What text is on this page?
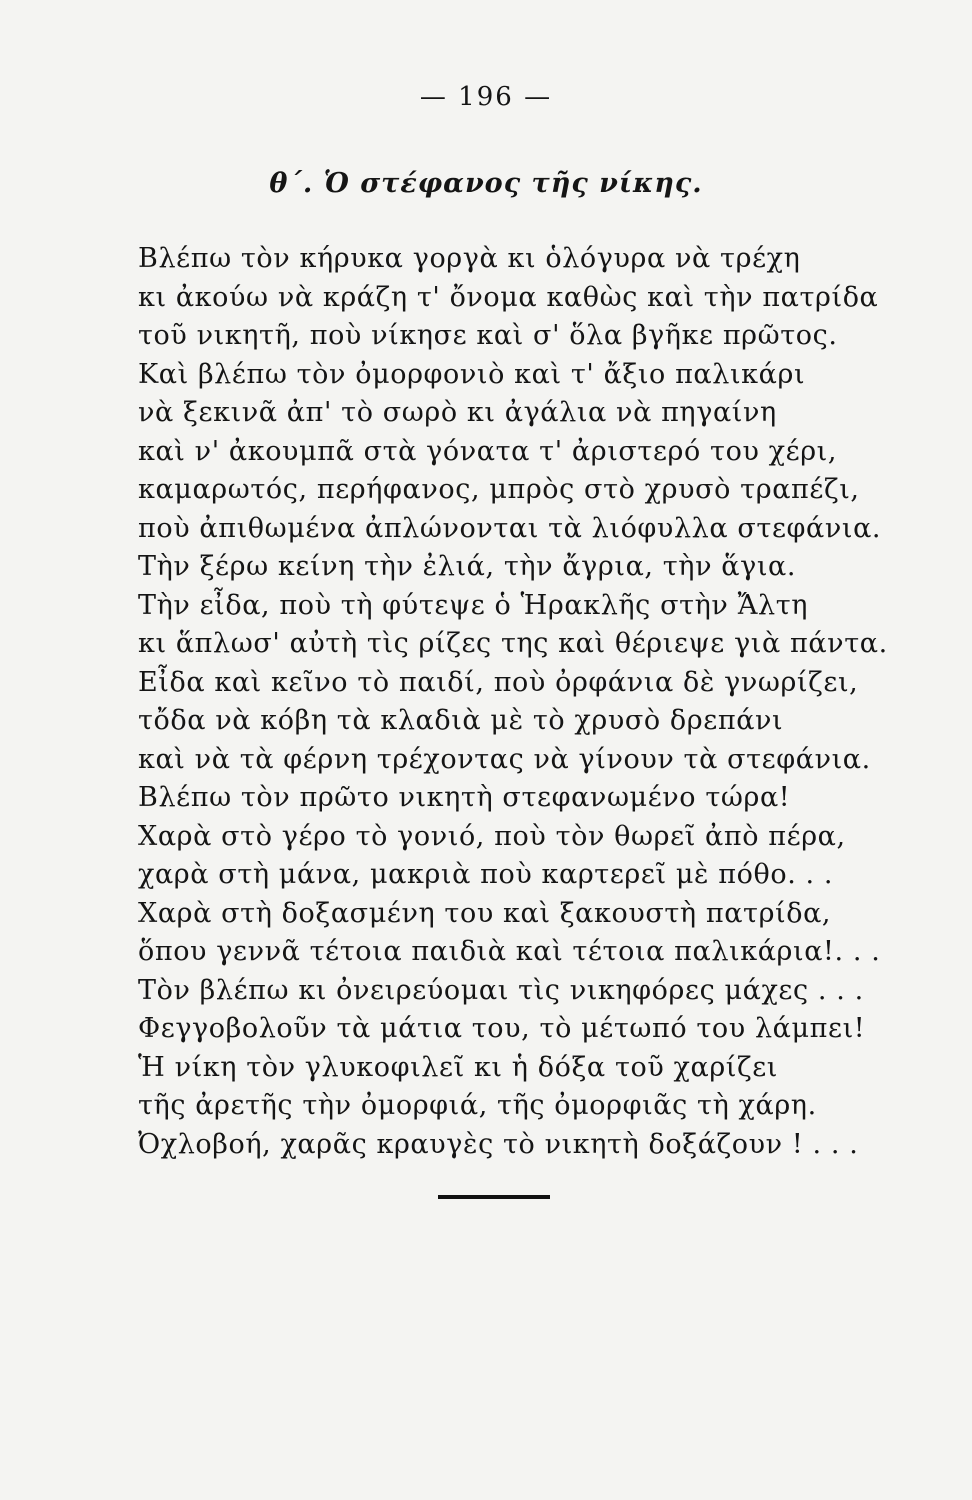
— 196 —
θ΄. Ὁ στέφανος τῆς νίκης.
Βλέπω τὸν κήρυκα γοργὰ κι ὁλόγυρα νὰ τρέχη
κι ἀκούω νὰ κράζη τ' ὄνομα καθὼς καὶ τὴν πατρίδα
τοῦ νικητῆ, ποὺ νίκησε καὶ σ' ὅλα βγῆκε πρῶτος.
Καὶ βλέπω τὸν ὀμορφονιὸ καὶ τ' ἄξιο παλικάρι
νὰ ξεκινᾶ ἀπ' τὸ σωρὸ κι ἀγάλια νὰ πηγαίνη
καὶ ν' ἀκουμπᾶ στὰ γόνατα τ' ἀριστερό του χέρι,
καμαρωτός, περήφανος, μπρὸς στὸ χρυσὸ τραπέζι,
ποὺ ἀπιθωμένα ἀπλώνονται τὰ λιόφυλλα στεφάνια.
Τὴν ξέρω κείνη τὴν ἐλιά, τὴν ἄγρια, τὴν ἅγια.
Τὴν εἶδα, ποὺ τὴ φύτεψε ὁ Ἡρακλῆς στὴν Ἄλτη
κι ἅπλωσ' αὐτὴ τὶς ρίζες της καὶ θέριεψε γιὰ πάντα.
Εἶδα καὶ κεῖνο τὸ παιδί, ποὺ ὀρφάνια δὲ γνωρίζει,
τὄδα νὰ κόβη τὰ κλαδιὰ μὲ τὸ χρυσὸ δρεπάνι
καὶ νὰ τὰ φέρνη τρέχοντας νὰ γίνουν τὰ στεφάνια.
Βλέπω τὸν πρῶτο νικητὴ στεφανωμένο τώρα!
Χαρὰ στὸ γέρο τὸ γονιό, ποὺ τὸν θωρεῖ ἀπὸ πέρα,
χαρὰ στὴ μάνα, μακριὰ ποὺ καρτερεῖ μὲ πόθο. . .
Χαρὰ στὴ δοξασμένη του καὶ ξακουστὴ πατρίδα,
ὅπου γεννᾶ τέτοια παιδιὰ καὶ τέτοια παλικάρια!. . .
Τὸν βλέπω κι ὀνειρεύομαι τὶς νικηφόρες μάχες . . .
Φεγγοβολοῦν τὰ μάτια του, τὸ μέτωπό του λάμπει!
Ἡ νίκη τὸν γλυκοφιλεῖ κι ἡ δόξα τοῦ χαρίζει
τῆς ἀρετῆς τὴν ὀμορφιά, τῆς ὀμορφιᾶς τὴ χάρη.
Ὀχλοβοή, χαρᾶς κραυγὲς τὸ νικητὴ δοξάζουν ! . . .
